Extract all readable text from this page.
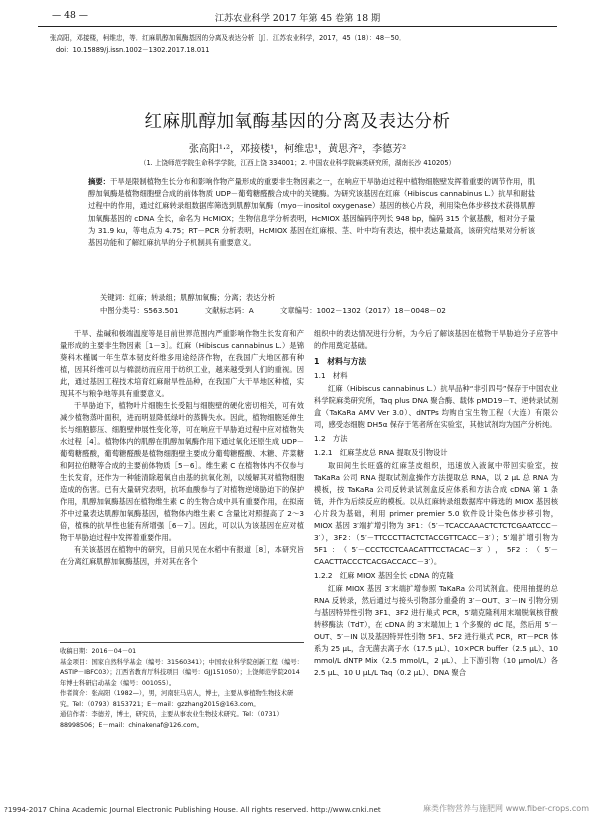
— 48 —	江苏农业科学 2017 年第 45 卷第 18 期
张高阳，邓接楼，柯维忠，等．红麻肌醇加氧酶基因的分离及表达分析［J］．江苏农业科学，2017，45（18）：48－50．
doi：10.15889/j.issn.1002－1302.2017.18.011
红麻肌醇加氧酶基因的分离及表达分析
张高阳¹·²，邓接楼¹，柯维忠¹，黄思齐²，李德芳²
（1. 上饶师范学院生命科学学院，江西上饶 334001；2. 中国农业科学院麻类研究所，湖南长沙 410205）
摘要：干旱是限制植物生长分布和影响作物产量形成的重要非生物因素之一，在响应干旱胁迫过程中植物细胞壁发挥着重要的调节作用，肌醇加氧酶是植物细胞壁合成的前体物质 UDP－葡萄糖醛酸合成中的关键酶。为研究该基因在红麻（Hibiscus cannabinus L.）抗旱和耐盐过程中的作用，通过红麻转录组数据库筛选到肌醇加氧酶（myo－inositol oxygenase）基因的核心片段，利用染色体步移技术获得肌醇加氧酶基因的 cDNA 全长，命名为 HcMIOX；生物信息学分析表明，HcMIOX 基因编码序列长 948 bp，编码 315 个氨基酸，相对分子量为 31.9 ku，等电点为 4.75；RT－PCR 分析表明，HcMIOX 基因在红麻根、茎、叶中均有表达，根中表达量最高，该研究结果对分析该基因功能和了解红麻抗旱的分子机制具有重要意义。
关键词：红麻；转录组；肌醇加氧酶；分离；表达分析
中图分类号：S563.501	文献标志码：A	文章编号：1002－1302（2017）18－0048－02

干旱、盐碱和极端温度等是目前世界范围内严重影响作物生长发育和产量形成的主要非生物因素［1－3］。红麻（Hibiscus cannabinus L.）是锦葵科木槿属一年生草本韧皮纤维多用途经济作物，在我国广大地区都有种植，因其纤维可以与棉混纺而应用于纺织工业，越来越受到人们的重视。因此，通过基因工程技术培育红麻耐旱性品种，在我国广大干旱地区种植，实现其不与粮争地等具有重要意义。

干旱胁迫下，植物叶片细胞生长受阻与细胞壁的硬化密切相关，可有效减少植物蒸叶面积，进而明显降低绿叶的蒸腾失水。因此，植物细胞延伸生长与细胞膨压、细胞壁伸展性变化等，可在响应干旱胁迫过程中应对植物失水过程［4］。植物体内的肌醇在肌醇加氧酶作用下通过氧化还原生成 UDP－葡萄糖醛酸，葡萄糖醛酸是植物细胞壁主要成分葡萄糖醛酸、木糖、芹菜糖和阿拉伯糖等合成的主要前体物质［5－6］。维生素 C 在植物体内不仅参与生长发育，还作为一种能清除超氧自由基的抗氧化剂，以缓解其对植物细胞造成的伤害。已有大量研究表明，抗坏血酸参与了对植物逆境胁迫下的保护作用，肌醇加氧酶基因在植物维生素 C 的生物合成中具有重要作用，在拟南芥中过量表达肌醇加氧酶基因，植物体内维生素 C 含量比对照提高了 2～3 倍，植株的抗旱性也能有所增强［6－7］。因此，可以认为该基因在应对植物干旱胁迫过程中发挥着重要作用。

有关该基因在植物中的研究，目前只见在水稻中有报道［8］，本研究旨在分离红麻肌醇加氧酶基因，并对其在各个

收稿日期：2016－04－01
基金项目：国家自然科学基金（编号：31560341）；中国农业科学院创新工程（编号：ASTIP－IBFC03）；江西省教育厅科技项目（编号：GJJ151050）；上饶师范学院2014年博士科研启动基金（编号：001055）。
作者简介：张高阳（1982—），男，河南驻马店人，博士，主要从事植物生物技术研究。Tel：（0793）8153721；E－mail：gzzhang2015@163.com。
通信作者：李德芳，博士，研究员，主要从事农业生物技术研究。Tel：（0731）88998506；E－mail：chinakenaf@126.com。

组织中的表达情况进行分析，为今后了解该基因在植物干旱胁迫分子应答中的作用奠定基础。

1　材料与方法
1.1　材料

红麻（Hibiscus cannabinus L.）抗旱品种“非引四号”保存于中国农业科学院麻类研究所，Taq plus DNA 聚合酶、载体 pMD19－T、逆转录试剂盒（TaKaRa AMV Ver 3.0）、dNTPs 均购自宝生物工程（大连）有限公司，感受态细胞 DH5α 保存于笔者所在实验室，其他试剂均为国产分析纯。

1.2　方法
1.2.1　红麻茎皮总 RNA 提取及引物设计

取田间生长旺盛的红麻茎皮组织，迅速放入液氮中带回实验室，按 TaKaRa 公司 RNA 提取试剂盒操作方法提取总 RNA，以 2 μL 总 RNA 为模板，按 TaKaRa 公司反转录试剂盒反应体系和方法合成 cDNA 第 1 条链，并作为后续反应的模板。以从红麻转录组数据库中筛选的 MIOX 基因核心片段为基础，利用 primer premier 5.0 软件设计染色体步移引物，MIOX 基因 3′端扩增引物为 3F1：（5′－TCACCAAACTCTCTCGAATCCC－3′），3F2：（5′－TTCCCTTACTCTACCGTTCACC－3′）；5′端扩增引物为 5F1：（5′－CCCTCCTCAACATTTCCTACAC－3′），5F2：（5′－CAACTTACCCTCACGACCACC－3′）。

1.2.2　红麻 MIOX 基因全长 cDNA 的克隆

红麻 MIOX 基因 3′末端扩增参照 TaKaRa 公司试剂盒。使用抽提的总 RNA 反转录，然后通过与接头引物部分重叠的 3′－OUT、3′－IN 引物分别与基因特异性引物 3F1、3F2 进行巢式 PCR，5′端克隆利用末端脱氧核苷酸转移酶法（TdT），在 cDNA 的 3′末端加上 1 个多聚的 dC 尾，然后用 5′－OUT、5′－IN 以及基因特异性引物 5F1、5F2 进行巢式 PCR，RT－PCR 体系为 25 μL，含无菌去离子水（17.5 μL）、10×PCR buffer（2.5 μL）、10 mmol/L dNTP Mix（2.5 mmol/L，2 μL）、上下游引物（10 μmol/L）各 2.5 μL、10 U μL/L Taq（0.2 μL）、DNA 聚合

?1994-2017 China Academic Journal Electronic Publishing House. All rights reserved. http://www.cnki.net	麻类作物营养与施肥网 www.fiber-crops.com
